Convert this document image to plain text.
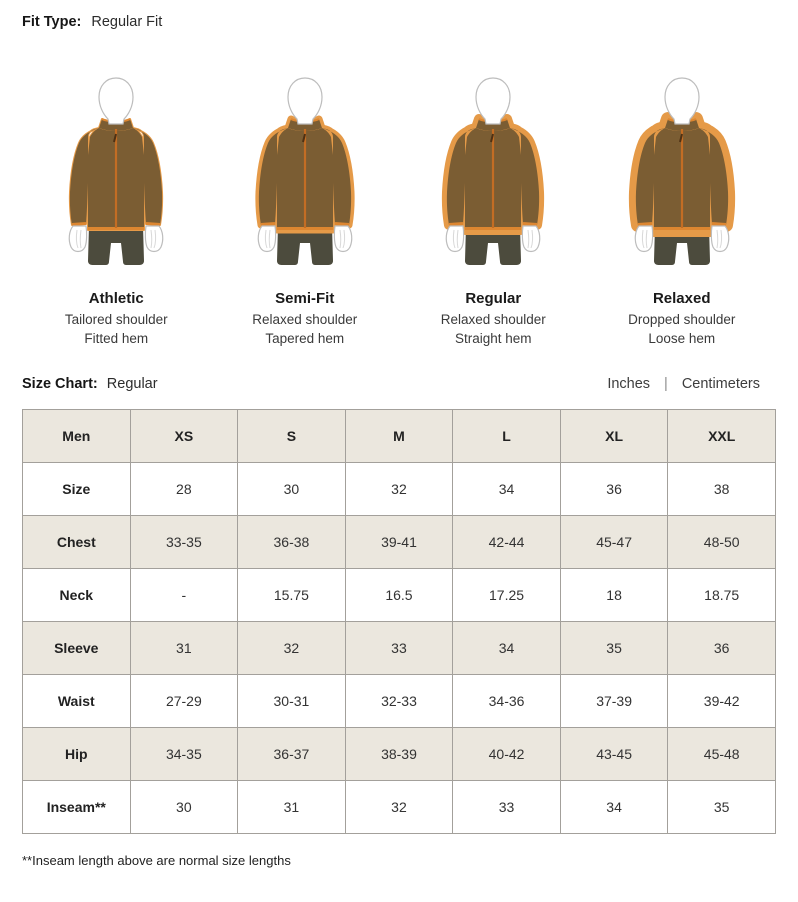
Fit Type: Regular Fit
Athletic
Tailored shoulder
Fitted hem
Semi-Fit
Relaxed shoulder
Tapered hem
Regular
Relaxed shoulder
Straight hem
Relaxed
Dropped shoulder
Loose hem
Size Chart: Regular	Inches | Centimeters
Men	XS	S	M	L	XL	XXL
Size	28	30	32	34	36	38
Chest	33-35	36-38	39-41	42-44	45-47	48-50
Neck	-	15.75	16.5	17.25	18	18.75
Sleeve	31	32	33	34	35	36
Waist	27-29	30-31	32-33	34-36	37-39	39-42
Hip	34-35	36-37	38-39	40-42	43-45	45-48
Inseam**	30	31	32	33	34	35
**Inseam length above are normal size lengths
